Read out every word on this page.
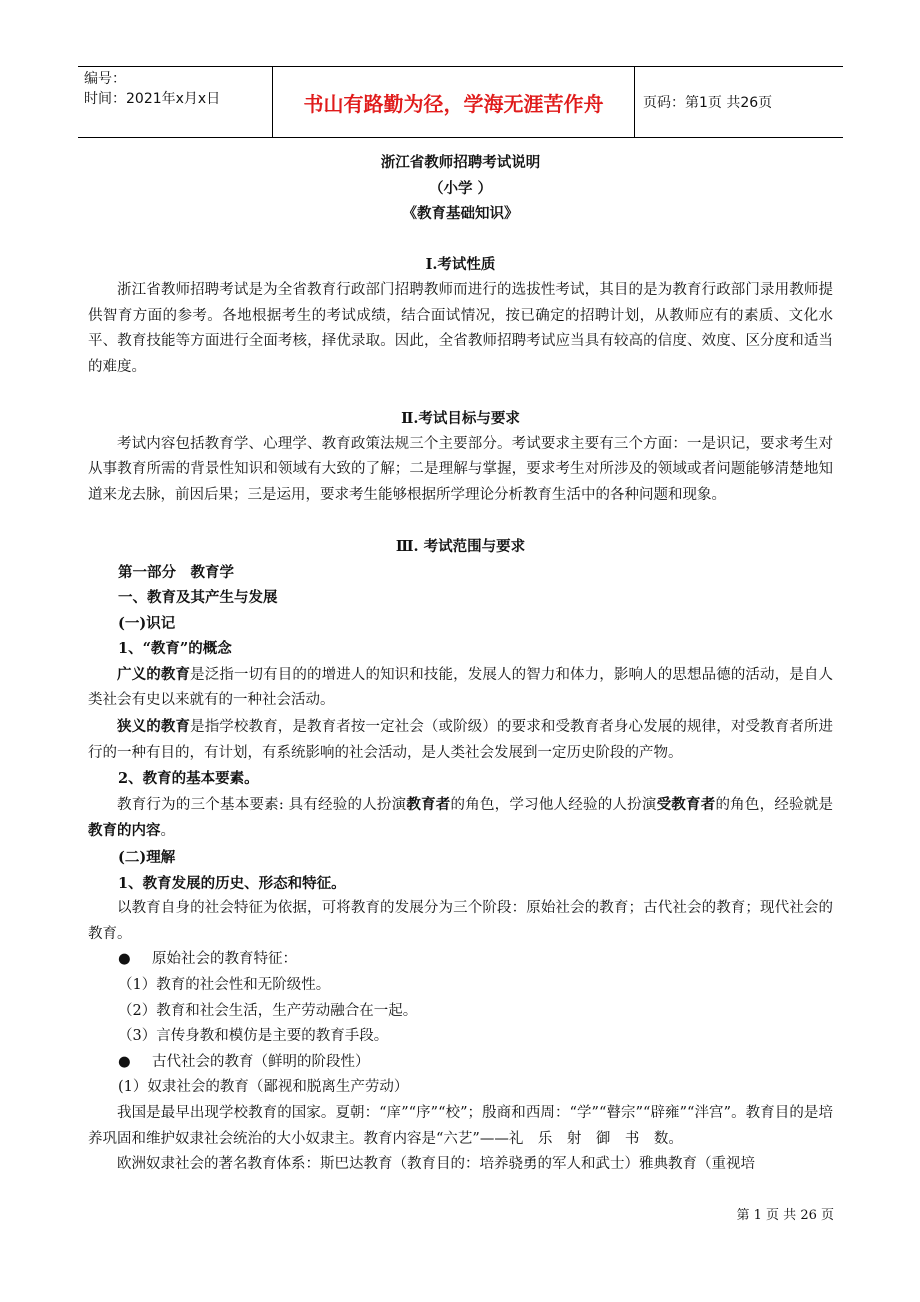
编号：
时间：2021年x月x日	书山有路勤为径，学海无涯苦作舟	页码：第1页 共26页
浙江省教师招聘考试说明
（小学 ）
《教育基础知识》
Ⅰ.考试性质

浙江省教师招聘考试是为全省教育行政部门招聘教师而进行的选拔性考试，其目的是为教育行政部门录用教师提供智育方面的参考。各地根据考生的考试成绩，结合面试情况，按已确定的招聘计划，从教师应有的素质、文化水平、教育技能等方面进行全面考核，择优录取。因此，全省教师招聘考试应当具有较高的信度、效度、区分度和适当的难度。

Ⅱ.考试目标与要求

考试内容包括教育学、心理学、教育政策法规三个主要部分。考试要求主要有三个方面：一是识记，要求考生对从事教育所需的背景性知识和领域有大致的了解；二是理解与掌握，要求考生对所涉及的领域或者问题能够清楚地知道来龙去脉，前因后果；三是运用，要求考生能够根据所学理论分析教育生活中的各种问题和现象。

Ⅲ. 考试范围与要求

第一部分　教育学

一、教育及其产生与发展

(一)识记

1、“教育”的概念

广义的教育是泛指一切有目的的增进人的知识和技能，发展人的智力和体力，影响人的思想品德的活动，是自人类社会有史以来就有的一种社会活动。

狭义的教育是指学校教育，是教育者按一定社会（或阶级）的要求和受教育者身心发展的规律，对受教育者所进行的一种有目的，有计划，有系统影响的社会活动，是人类社会发展到一定历史阶段的产物。

2、教育的基本要素。

教育行为的三个基本要素: 具有经验的人扮演教育者的角色，学习他人经验的人扮演受教育者的角色，经验就是教育的内容。

(二)理解

1、教育发展的历史、形态和特征。

以教育自身的社会特征为依据，可将教育的发展分为三个阶段：原始社会的教育；古代社会的教育；现代社会的教育。

●	原始社会的教育特征：

（1）教育的社会性和无阶级性。

（2）教育和社会生活，生产劳动融合在一起。

（3）言传身教和模仿是主要的教育手段。

●	古代社会的教育（鲜明的阶段性）

(1）奴隶社会的教育（鄙视和脱离生产劳动）

我国是最早出现学校教育的国家。夏朝：“庠”“序”“校”；殷商和西周：“学”“瞽宗”“辟雍”“泮宫”。教育目的是培养巩固和维护奴隶社会统治的大小奴隶主。教育内容是“六艺”——礼　乐　射　御　书　数。

欧洲奴隶社会的著名教育体系：斯巴达教育（教育目的：培养骁勇的军人和武士）雅典教育（重视培

第 1 页 共 26 页
